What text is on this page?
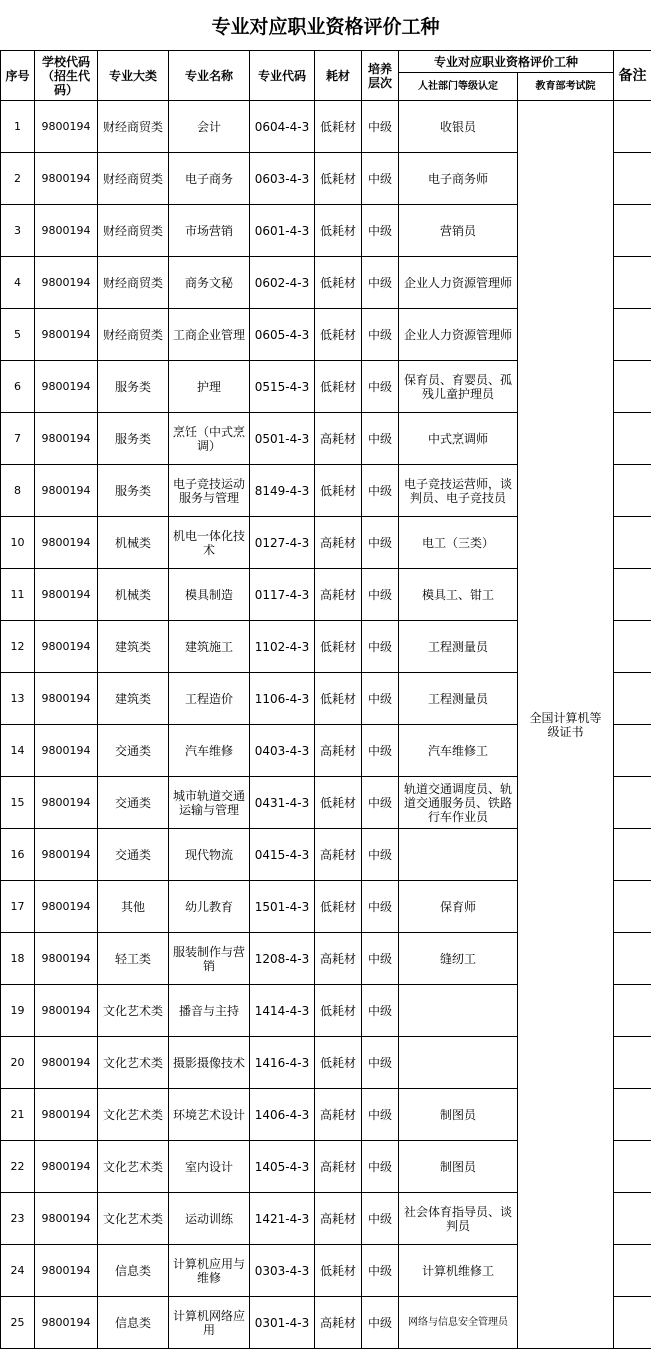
专业对应职业资格评价工种
序号	学校代码（招生代码）	专业大类	专业名称	专业代码	耗材	培养层次	专业对应职业资格评价工种		备注
							人社部门等级认定	教育部考试院	
1	9800194	财经商贸类	会计	0604-4-3	低耗材	中级	收银员	全国计算机等级证书	
2	9800194	财经商贸类	电子商务	0603-4-3	低耗材	中级	电子商务师		
3	9800194	财经商贸类	市场营销	0601-4-3	低耗材	中级	营销员		
4	9800194	财经商贸类	商务文秘	0602-4-3	低耗材	中级	企业人力资源管理师		
5	9800194	财经商贸类	工商企业管理	0605-4-3	低耗材	中级	企业人力资源管理师		
6	9800194	服务类	护理	0515-4-3	低耗材	中级	保育员、育婴员、孤残儿童护理员		
7	9800194	服务类	烹饪（中式烹调）	0501-4-3	高耗材	中级	中式烹调师		
8	9800194	服务类	电子竞技运动服务与管理	8149-4-3	低耗材	中级	电子竞技运营师，谈判员、电子竞技员		
10	9800194	机械类	机电一体化技术	0127-4-3	高耗材	中级	电工（三类）		
11	9800194	机械类	模具制造	0117-4-3	高耗材	中级	模具工、钳工		
12	9800194	建筑类	建筑施工	1102-4-3	低耗材	中级	工程测量员		
13	9800194	建筑类	工程造价	1106-4-3	低耗材	中级	工程测量员		
14	9800194	交通类	汽车维修	0403-4-3	高耗材	中级	汽车维修工		
15	9800194	交通类	城市轨道交通运输与管理	0431-4-3	低耗材	中级	轨道交通调度员、轨道交通服务员、铁路行车作业员		
16	9800194	交通类	现代物流	0415-4-3	高耗材	中级			
17	9800194	其他	幼儿教育	1501-4-3	低耗材	中级	保育师		
18	9800194	轻工类	服装制作与营销	1208-4-3	高耗材	中级	缝纫工		
19	9800194	文化艺术类	播音与主持	1414-4-3	低耗材	中级			
20	9800194	文化艺术类	摄影摄像技术	1416-4-3	低耗材	中级			
21	9800194	文化艺术类	环境艺术设计	1406-4-3	高耗材	中级	制图员		
22	9800194	文化艺术类	室内设计	1405-4-3	高耗材	中级	制图员		
23	9800194	文化艺术类	运动训练	1421-4-3	高耗材	中级	社会体育指导员、谈判员		
24	9800194	信息类	计算机应用与维修	0303-4-3	低耗材	中级	计算机维修工		
25	9800194	信息类	计算机网络应用	0301-4-3	高耗材	中级	网络与信息安全管理员		
